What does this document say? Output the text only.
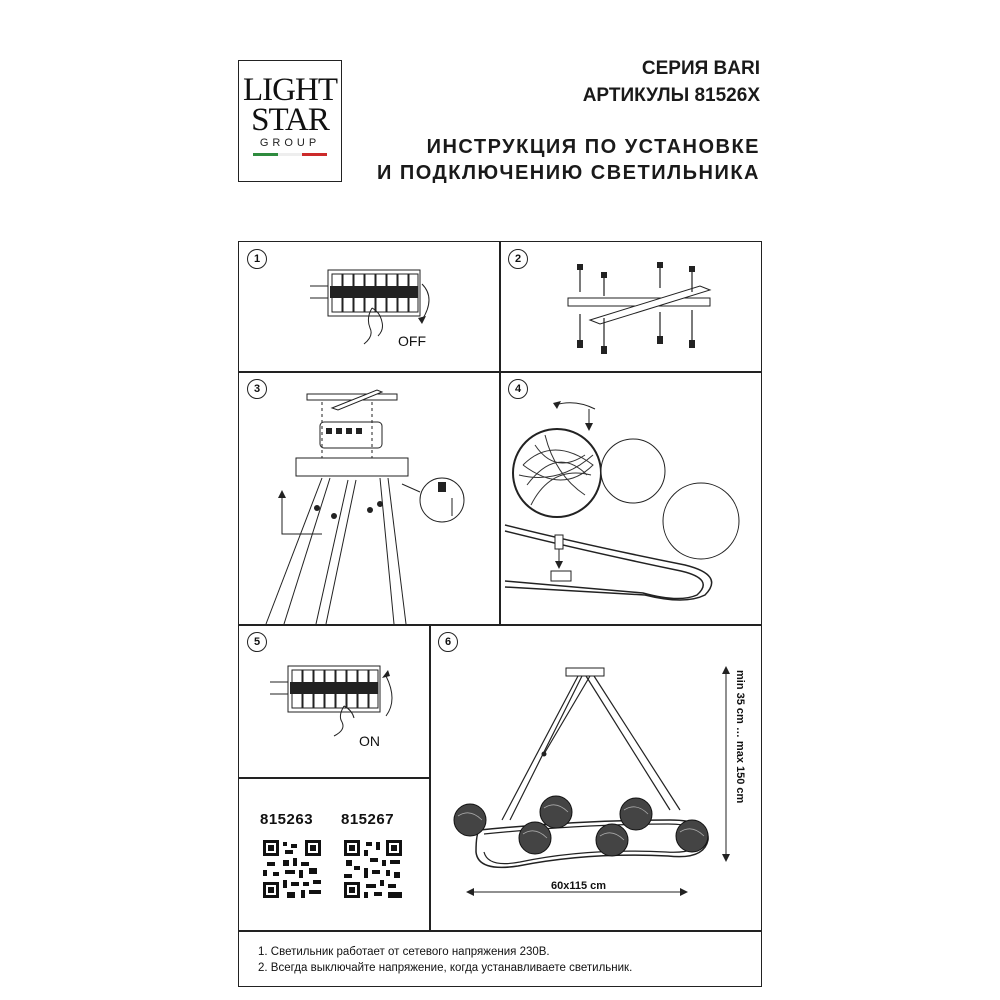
LIGHT
STAR
GROUP
СЕРИЯ BARI
АРТИКУЛЫ 81526X
ИНСТРУКЦИЯ ПО УСТАНОВКЕ
И ПОДКЛЮЧЕНИЮ СВЕТИЛЬНИКА
1	2
3	4
5	6
OFF
ON
815263 815267
min 35 cm … max 150 cm
60x115 cm
1. Светильник работает от сетевого напряжения 230В.
2. Всегда выключайте напряжение, когда устанавливаете светильник.
